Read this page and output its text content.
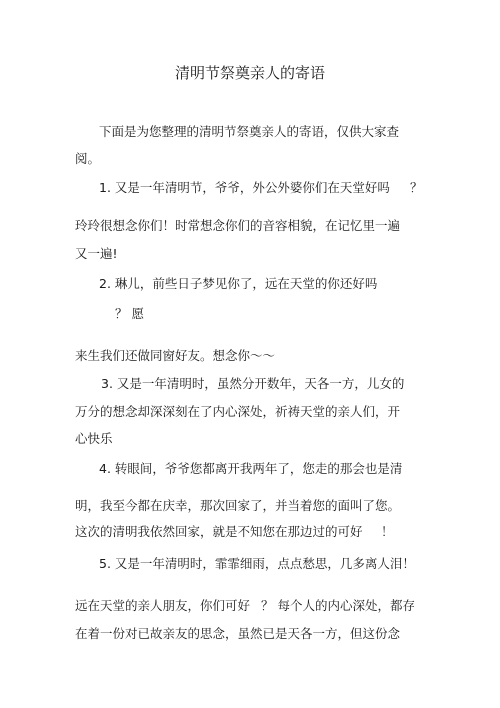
清明节祭奠亲人的寄语
下面是为您整理的清明节祭奠亲人的寄语，仅供大家查
阅。
1. 又是一年清明节，爷爷，外公外婆你们在天堂好吗 ？
玲玲很想念你们！时常想念你们的音容相貌，在记忆里一遍
又一遍!
2. 琳儿，前些日子梦见你了，远在天堂的你还好吗
？ 愿
来生我们还做同窗好友。想念你～～
3. 又是一年清明时，虽然分开数年，天各一方，儿女的
万分的想念却深深刻在了内心深处，祈祷天堂的亲人们，开
心快乐
4. 转眼间，爷爷您都离开我两年了，您走的那会也是清
明，我至今都在庆幸，那次回家了，并当着您的面叫了您。
这次的清明我依然回家，就是不知您在那边过的可好 ！
5. 又是一年清明时，霏霏细雨，点点愁思，几多离人泪！
远在天堂的亲人朋友，你们可好 ？ 每个人的内心深处，都存
在着一份对已故亲友的思念，虽然已是天各一方，但这份念
